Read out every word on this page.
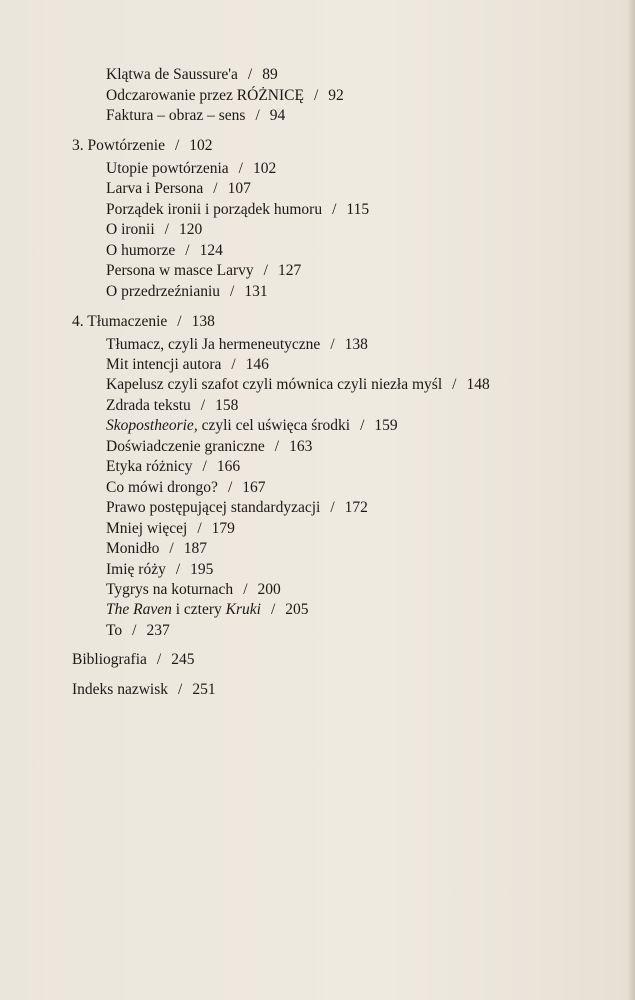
Klątwa de Saussure'a / 89
Odczarowanie przez RÓŻNICĘ / 92
Faktura – obraz – sens / 94
3. Powtórzenie / 102
Utopie powtórzenia / 102
Larva i Persona / 107
Porządek ironii i porządek humoru / 115
O ironii / 120
O humorze / 124
Persona w masce Larvy / 127
O przedrzeźnianiu / 131
4. Tłumaczenie / 138
Tłumacz, czyli Ja hermeneutyczne / 138
Mit intencji autora / 146
Kapelusz czyli szafot czyli mównica czyli niezła myśl / 148
Zdrada tekstu / 158
Skopostheorie, czyli cel uświęca środki / 159
Doświadczenie graniczne / 163
Etyka różnicy / 166
Co mówi drongo? / 167
Prawo postępującej standardyzacji / 172
Mniej więcej / 179
Monidło / 187
Imię róży / 195
Tygrys na koturnach / 200
The Raven i cztery Kruki / 205
To / 237
Bibliografia / 245
Indeks nazwisk / 251
